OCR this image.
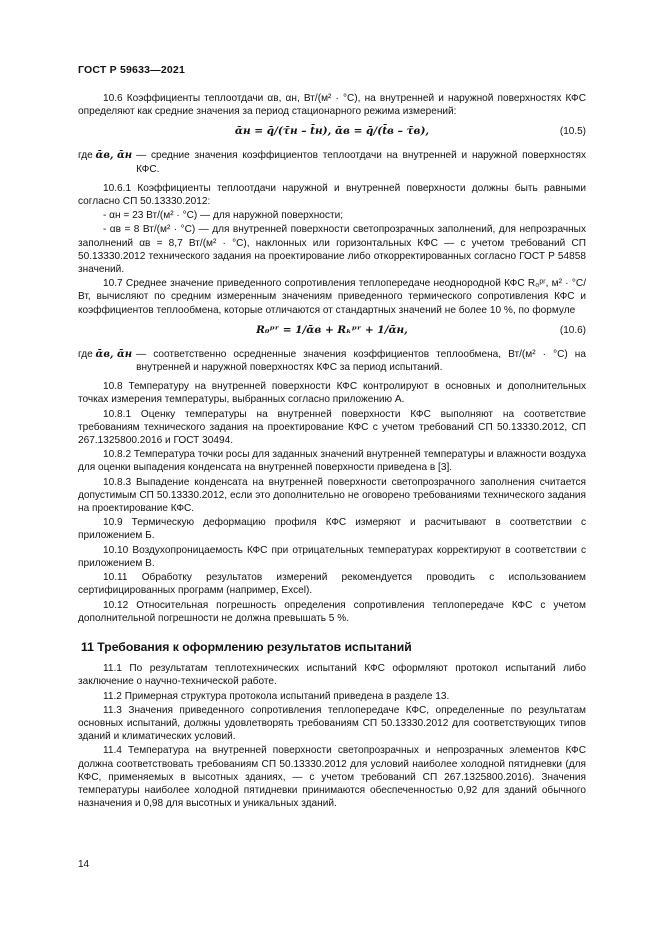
ГОСТ Р 59633—2021

10.6 Коэффициенты теплоотдачи αв, αн, Вт/(м² · °С), на внутренней и наружной поверхностях КФС определяют как средние значения за период стационарного режима измерений:

ᾱн = q̄/(τ̄н – t̄н), ᾱв = q̄/(t̄в – τ̄в),	(10.5)
где ᾱв, ᾱн — средние значения коэффициентов теплоотдачи на внутренней и наружной поверхностях КФС.

10.6.1 Коэффициенты теплоотдачи наружной и внутренней поверхности должны быть равными согласно СП 50.13330.2012:

- αн = 23 Вт/(м² · °С) — для наружной поверхности;

- αв = 8 Вт/(м² · °С) — для внутренней поверхности светопрозрачных заполнений, для непрозрачных заполнений αв = 8,7 Вт/(м² · °С), наклонных или горизонтальных КФС — с учетом требований СП 50.13330.2012 технического задания на проектирование либо откорректированных согласно ГОСТ Р 54858 значений.

10.7 Среднее значение приведенного сопротивления теплопередаче неоднородной КФС R₀ᵖʳ, м² · °С/Вт, вычисляют по средним измеренным значениям приведенного термического сопротивления КФС и коэффициентов теплообмена, которые отличаются от стандартных значений не более 10 %, по формуле

R₀ᵖʳ = 1/ᾱв + Rₖᵖʳ + 1/ᾱн,	(10.6)
где ᾱв, ᾱн — соответственно осредненные значения коэффициентов теплообмена, Вт/(м² · °С) на внутренней и наружной поверхностях КФС за период испытаний.

10.8 Температуру на внутренней поверхности КФС контролируют в основных и дополнительных точках измерения температуры, выбранных согласно приложению А.

10.8.1 Оценку температуры на внутренней поверхности КФС выполняют на соответствие требованиям технического задания на проектирование КФС с учетом требований СП 50.13330.2012, СП 267.1325800.2016 и ГОСТ 30494.

10.8.2 Температура точки росы для заданных значений внутренней температуры и влажности воздуха для оценки выпадения конденсата на внутренней поверхности приведена в [3].

10.8.3 Выпадение конденсата на внутренней поверхности светопрозрачного заполнения считается допустимым СП 50.13330.2012, если это дополнительно не оговорено требованиями технического задания на проектирование КФС.

10.9 Термическую деформацию профиля КФС измеряют и расчитывают в соответствии с приложением Б.

10.10 Воздухопроницаемость КФС при отрицательных температурах корректируют в соответствии с приложением В.

10.11 Обработку результатов измерений рекомендуется проводить с использованием сертифицированных программ (например, Excel).

10.12 Относительная погрешность определения сопротивления теплопередаче КФС с учетом дополнительной погрешности не должна превышать 5 %.

11 Требования к оформлению результатов испытаний

11.1 По результатам теплотехнических испытаний КФС оформляют протокол испытаний либо заключение о научно-технической работе.

11.2 Примерная структура протокола испытаний приведена в разделе 13.

11.3 Значения приведенного сопротивления теплопередаче КФС, определенные по результатам основных испытаний, должны удовлетворять требованиям СП 50.13330.2012 для соответствующих типов зданий и климатических условий.

11.4 Температура на внутренней поверхности светопрозрачных и непрозрачных элементов КФС должна соответствовать требованиям СП 50.13330.2012 для условий наиболее холодной пятидневки (для КФС, применяемых в высотных зданиях, — с учетом требований СП 267.1325800.2016). Значения температуры наиболее холодной пятидневки принимаются обеспеченностью 0,92 для зданий обычного назначения и 0,98 для высотных и уникальных зданий.

14
